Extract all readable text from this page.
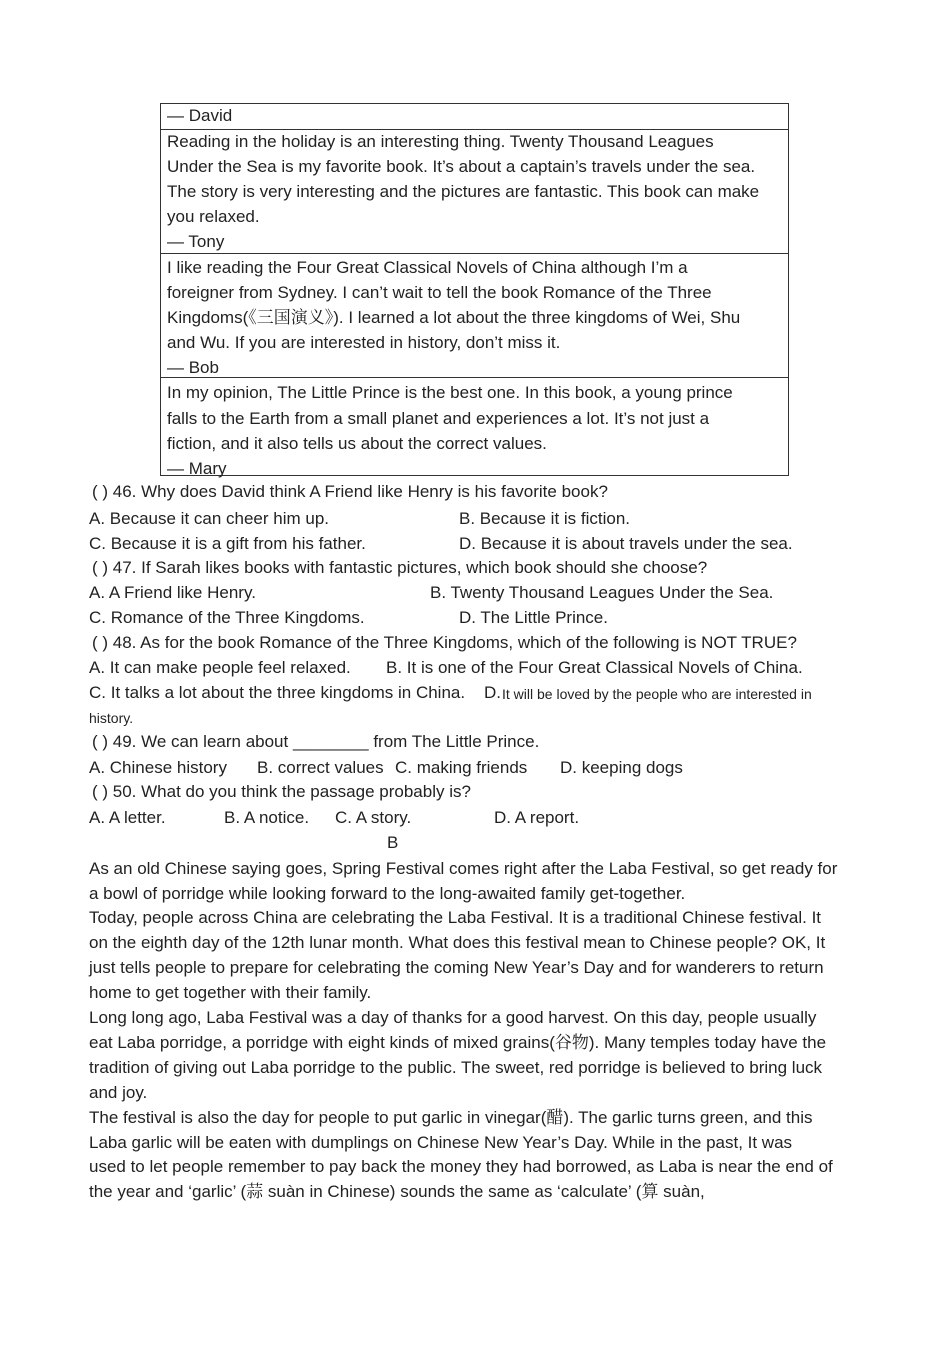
— David
Reading in the holiday is an interesting thing. Twenty Thousand Leagues
Under the Sea is my favorite book. It’s about a captain’s travels under the sea.
The story is very interesting and the pictures are fantastic. This book can make
you relaxed.
— Tony
I like reading the Four Great Classical Novels of China although I’m a
foreigner from Sydney. I can’t wait to tell the book Romance of the Three
Kingdoms(《三国演义》). I learned a lot about the three kingdoms of Wei, Shu
and Wu. If you are interested in history, don’t miss it.
— Bob
In my opinion, The Little Prince is the best one. In this book, a young prince
falls to the Earth from a small planet and experiences a lot. It’s not just a
fiction, and it also tells us about the correct values.
— Mary
( ) 46. Why does David think A Friend like Henry is his favorite book?
A. Because it can cheer him up.	B. Because it is fiction.
C. Because it is a gift from his father.	D. Because it is about travels under the sea.
( ) 47. If Sarah likes books with fantastic pictures, which book should she choose?
A. A Friend like Henry.	B. Twenty Thousand Leagues Under the Sea.
C. Romance of the Three Kingdoms.	D. The Little Prince.
( ) 48. As for the book Romance of the Three Kingdoms, which of the following is NOT TRUE?
A. It can make people feel relaxed. B. It is one of the Four Great Classical Novels of China.
C. It talks a lot about the three kingdoms in China. D. It will be loved by the people who are interested in
history.
( ) 49. We can learn about ________ from The Little Prince.
A. Chinese history B. correct values C. making friends D. keeping dogs
( ) 50. What do you think the passage probably is?
A. A letter.	B. A notice. C. A story.	D. A report.
B
As an old Chinese saying goes, Spring Festival comes right after the Laba Festival, so get ready for
a bowl of porridge while looking forward to the long-awaited family get-together.
Today, people across China are celebrating the Laba Festival. It is a traditional Chinese festival. It
on the eighth day of the 12th lunar month. What does this festival mean to Chinese people? OK, It
just tells people to prepare for celebrating the coming New Year’s Day and for wanderers to return
home to get together with their family.
Long long ago, Laba Festival was a day of thanks for a good harvest. On this day, people usually
eat Laba porridge, a porridge with eight kinds of mixed grains(谷物). Many temples today have the
tradition of giving out Laba porridge to the public. The sweet, red porridge is believed to bring luck
and joy.
The festival is also the day for people to put garlic in vinegar(醋). The garlic turns green, and this
Laba garlic will be eaten with dumplings on Chinese New Year’s Day. While in the past, It was
used to let people remember to pay back the money they had borrowed, as Laba is near the end of
the year and ‘garlic’ (蒜 suàn in Chinese) sounds the same as ‘calculate’ (算 suàn,
